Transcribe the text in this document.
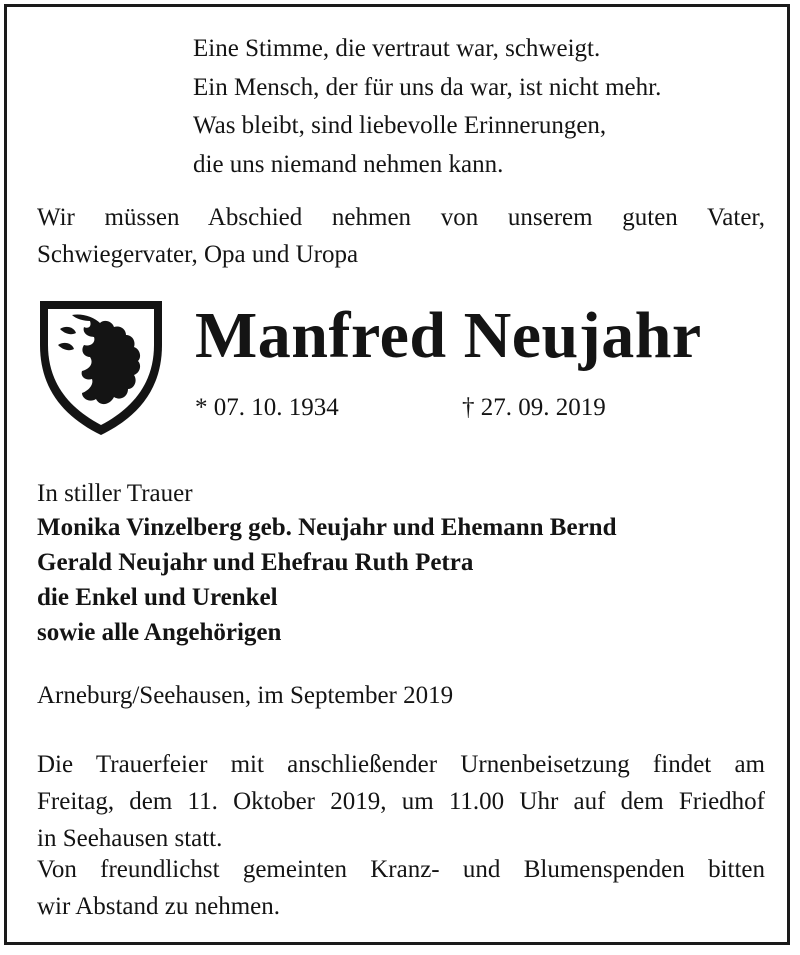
Eine Stimme, die vertraut war, schweigt.
Ein Mensch, der für uns da war, ist nicht mehr.
Was bleibt, sind liebevolle Erinnerungen,
die uns niemand nehmen kann.
Wir müssen Abschied nehmen von unserem guten Vater,
Schwiegervater, Opa und Uropa
Manfred Neujahr
* 07. 10. 1934	† 27. 09. 2019
In stiller Trauer
Monika Vinzelberg geb. Neujahr und Ehemann Bernd
Gerald Neujahr und Ehefrau Ruth Petra
die Enkel und Urenkel
sowie alle Angehörigen
Arneburg/Seehausen, im September 2019
Die Trauerfeier mit anschließender Urnenbeisetzung findet am
Freitag, dem 11. Oktober 2019, um 11.00 Uhr auf dem Friedhof
in Seehausen statt.
Von freundlichst gemeinten Kranz- und Blumenspenden bitten
wir Abstand zu nehmen.
